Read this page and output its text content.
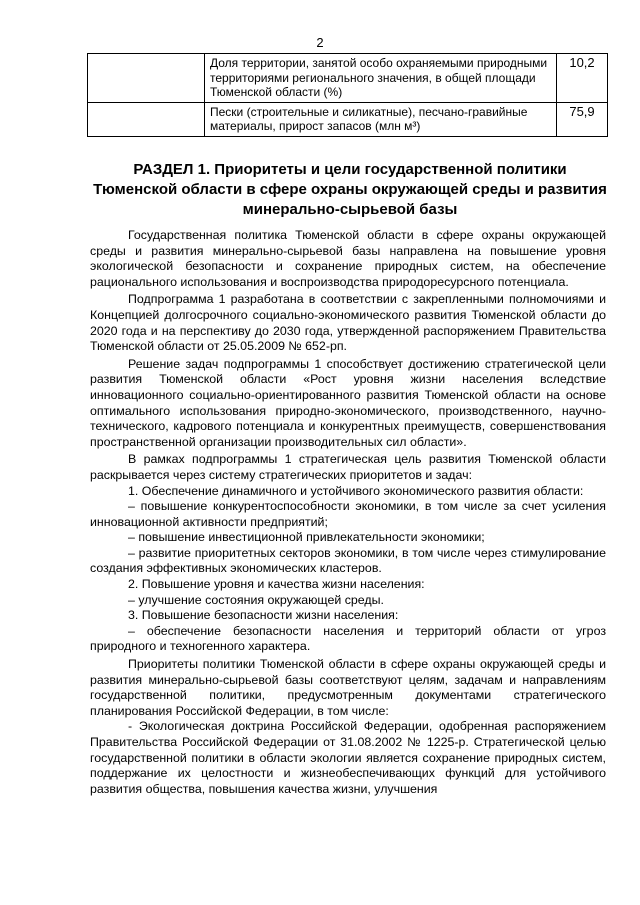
2
	Доля территории, занятой особо охраняемыми природными территориями регионального значения, в общей площади Тюменской области (%)	10,2
	Пески (строительные и силикатные), песчано-гравийные материалы, прирост запасов (млн м³)	75,9
РАЗДЕЛ 1. Приоритеты и цели государственной политики Тюменской области в сфере охраны окружающей среды и развития минерально-сырьевой базы

Государственная политика Тюменской области в сфере охраны окружающей среды и развития минерально-сырьевой базы направлена на повышение уровня экологической безопасности и сохранение природных систем, на обеспечение рационального использования и воспроизводства природоресурсного потенциала.

Подпрограмма 1 разработана в соответствии с закрепленными полномочиями и Концепцией долгосрочного социально-экономического развития Тюменской области до 2020 года и на перспективу до 2030 года, утвержденной распоряжением Правительства Тюменской области от 25.05.2009 № 652-рп.

Решение задач подпрограммы 1 способствует достижению стратегической цели развития Тюменской области «Рост уровня жизни населения вследствие инновационного социально-ориентированного развития Тюменской области на основе оптимального использования природно-экономического, производственного, научно-технического, кадрового потенциала и конкурентных преимуществ, совершенствования пространственной организации производительных сил области».

В рамках подпрограммы 1 стратегическая цель развития Тюменской области раскрывается через систему стратегических приоритетов и задач:

1. Обеспечение динамичного и устойчивого экономического развития области:

– повышение конкурентоспособности экономики, в том числе за счет усиления инновационной активности предприятий;

– повышение инвестиционной привлекательности экономики;

– развитие приоритетных секторов экономики, в том числе через стимулирование создания эффективных экономических кластеров.

2. Повышение уровня и качества жизни населения:

– улучшение состояния окружающей среды.

3. Повышение безопасности жизни населения:

– обеспечение безопасности населения и территорий области от угроз природного и техногенного характера.

Приоритеты политики Тюменской области в сфере охраны окружающей среды и развития минерально-сырьевой базы соответствуют целям, задачам и направлениям государственной политики, предусмотренным документами стратегического планирования Российской Федерации, в том числе:

- Экологическая доктрина Российской Федерации, одобренная распоряжением Правительства Российской Федерации от 31.08.2002 № 1225-р. Стратегической целью государственной политики в области экологии является сохранение природных систем, поддержание их целостности и жизнеобеспечивающих функций для устойчивого развития общества, повышения качества жизни, улучшения
